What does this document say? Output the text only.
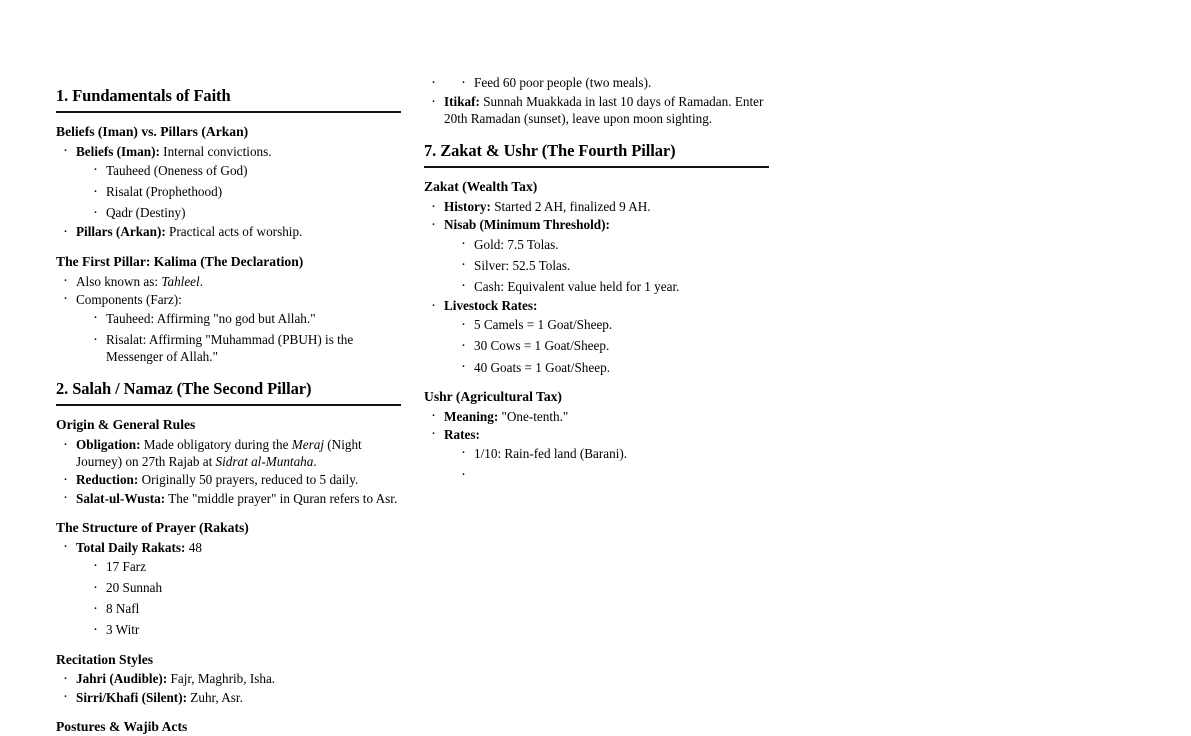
1. Fundamentals of Faith
Beliefs (Iman) vs. Pillars (Arkan)
· Beliefs (Iman): Internal convictions.
· Tauheed (Oneness of God)
· Risalat (Prophethood)
· Qadr (Destiny)
· Pillars (Arkan): Practical acts of worship.
The First Pillar: Kalima (The Declaration)
· Also known as: Tahleel.
· Components (Farz):
· Tauheed: Affirming "no god but Allah."
· Risalat: Affirming "Muhammad (PBUH) is the Messenger of Allah."
2. Salah / Namaz (The Second Pillar)
Origin & General Rules
· Obligation: Made obligatory during the Meraj (Night Journey) on 27th Rajab at Sidrat al-Muntaha.
· Reduction: Originally 50 prayers, reduced to 5 daily.
· Salat-ul-Wusta: The "middle prayer" in Quran refers to Asr.
The Structure of Prayer (Rakats)
· Total Daily Rakats: 48
· 17 Farz
· 20 Sunnah
· 8 Nafl
· 3 Witr
Recitation Styles
· Jahri (Audible): Fajr, Maghrib, Isha.
· Sirri/Khafi (Silent): Zuhr, Asr.
Postures & Wajib Acts
· · Feed 60 poor people (two meals).
· Itikaf: Sunnah Muakkada in last 10 days of Ramadan. Enter 20th Ramadan (sunset), leave upon moon sighting.
7. Zakat & Ushr (The Fourth Pillar)
Zakat (Wealth Tax)
· History: Started 2 AH, finalized 9 AH.
· Nisab (Minimum Threshold):
· Gold: 7.5 Tolas.
· Silver: 52.5 Tolas.
· Cash: Equivalent value held for 1 year.
· Livestock Rates:
· 5 Camels = 1 Goat/Sheep.
· 30 Cows = 1 Goat/Sheep.
· 40 Goats = 1 Goat/Sheep.
Ushr (Agricultural Tax)
· Meaning: "One-tenth."
· Rates:
· 1/10: Rain-fed land (Barani).
·
